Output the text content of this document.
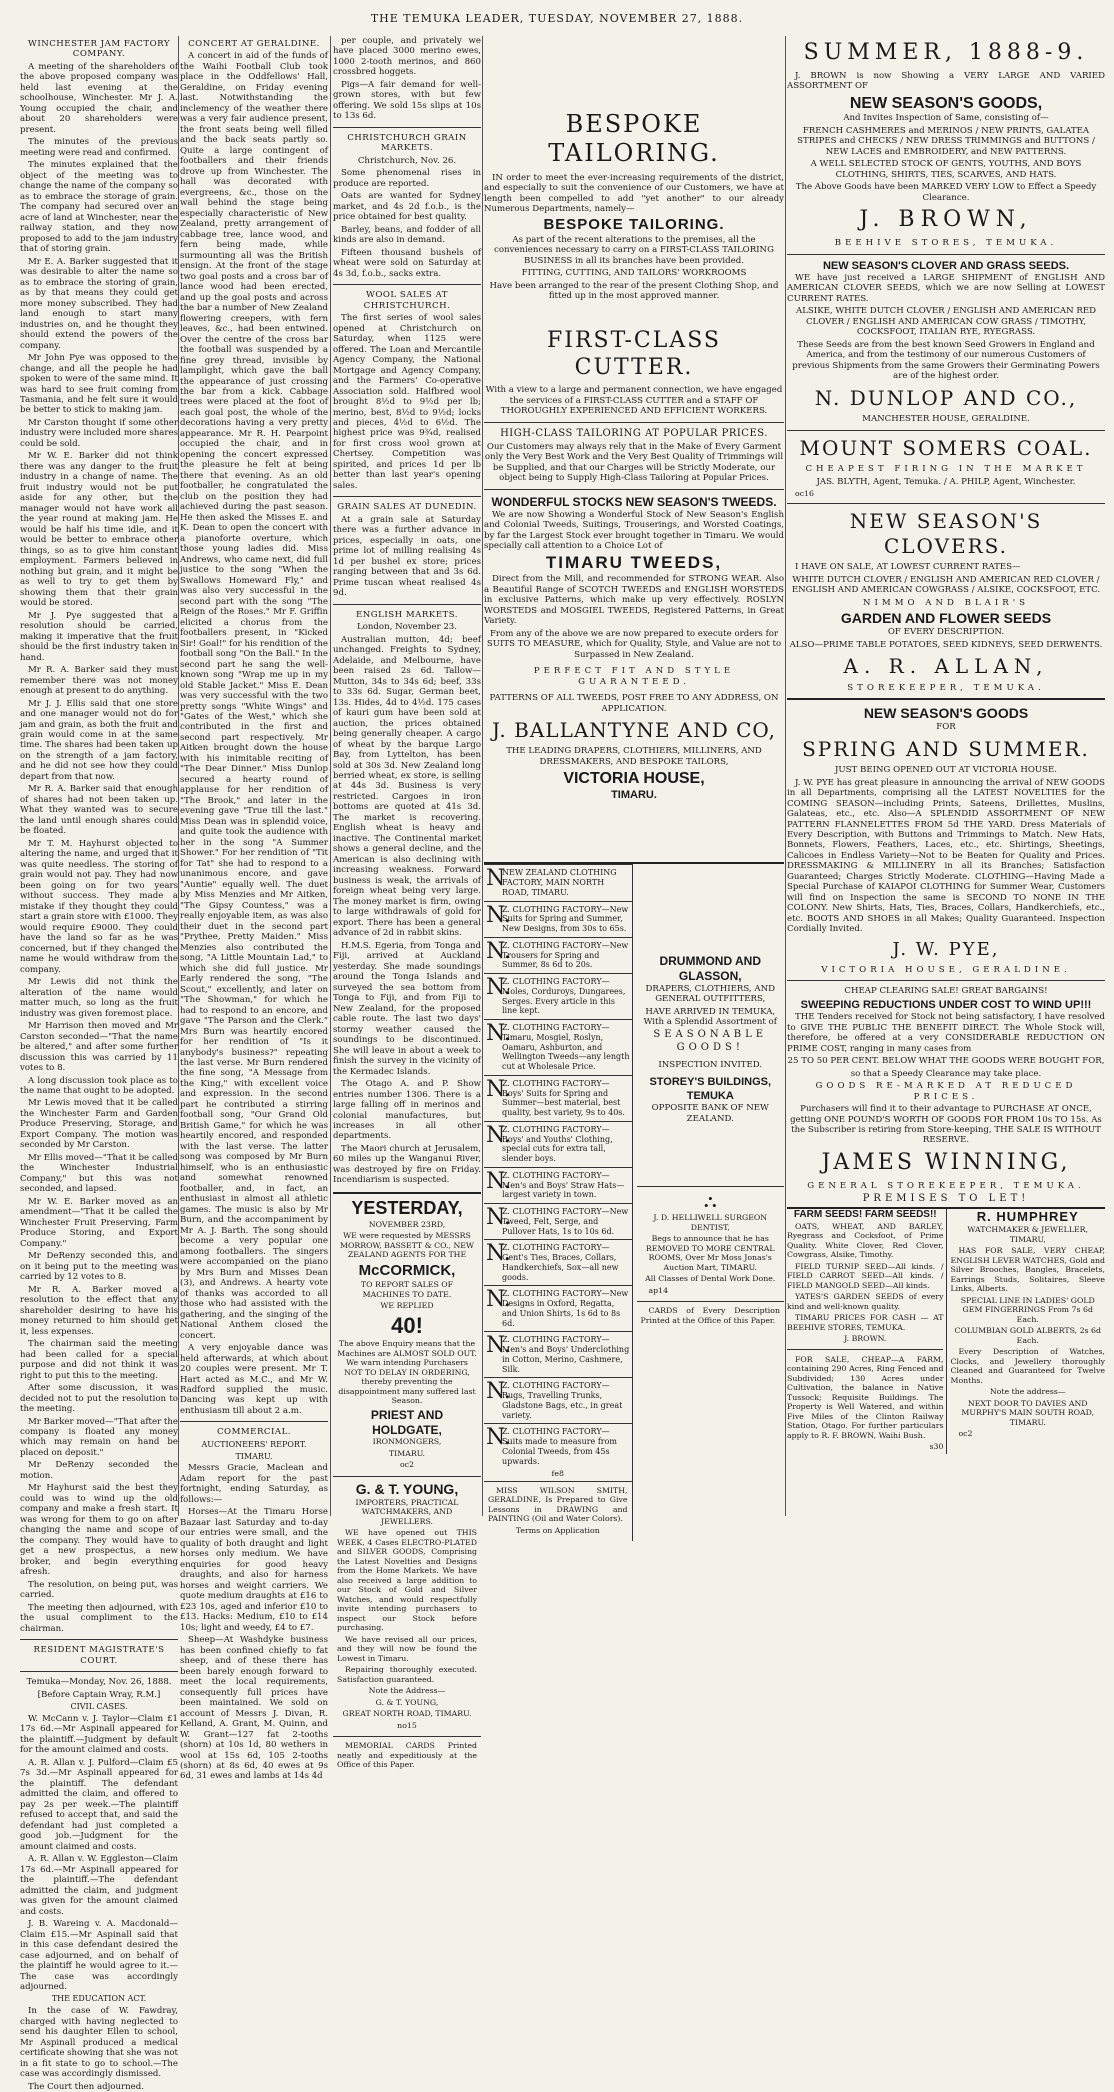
THE TEMUKA LEADER, TUESDAY, NOVEMBER 27, 1888.
WINCHESTER JAM FACTORY COMPANY.

A meeting of the shareholders of the above proposed company was held last evening at the schoolhouse, Winchester. Mr J. A. Young occupied the chair, and about 20 shareholders were present.

The minutes of the previous meeting were read and confirmed.

The minutes explained that the object of the meeting was to change the name of the company so as to embrace the storage of grain. The company had secured over an acre of land at Winchester, near the railway station, and they now proposed to add to the jam industry that of storing grain.

Mr E. A. Barker suggested that it was desirable to alter the name so as to embrace the storing of grain, as by that means they could get more money subscribed. They had land enough to start many industries on, and he thought they should extend the powers of the company.

Mr John Pye was opposed to the change, and all the people he had spoken to were of the same mind. It was hard to see fruit coming from Tasmania, and he felt sure it would be better to stick to making jam.

Mr Carston thought if some other industry were included more shares could be sold.

Mr W. E. Barker did not think there was any danger to the fruit industry in a change of name. The fruit industry would not be put aside for any other, but the manager would not have work all the year round at making jam. He would be half his time idle, and it would be better to embrace other things, so as to give him constant employment. Farmers believed in nothing but grain, and it might be as well to try to get them by showing them that their grain would be stored.

Mr J. Pye suggested that a resolution should be carried, making it imperative that the fruit should be the first industry taken in hand.

Mr R. A. Barker said they must remember there was not money enough at present to do anything.

Mr J. J. Ellis said that one store and one manager would not do for jam and grain, as both the fruit and grain would come in at the same time. The shares had been taken up on the strength of a jam factory, and he did not see how they could depart from that now.

Mr R. A. Barker said that enough of shares had not been taken up. What they wanted was to secure the land until enough shares could be floated.

Mr T. M. Hayhurst objected to altering the name, and urged that it was quite needless. The storing of grain would not pay. They had now been going on for two years without success. They made a mistake if they thought they could start a grain store with £1000. They would require £9000. They could have the land so far as he was concerned, but if they changed the name he would withdraw from the company.

Mr Lewis did not think the alteration of the name would matter much, so long as the fruit industry was given foremost place.

Mr Harrison then moved and Mr Carston seconded—"That the name be altered," and after some further discussion this was carried by 11 votes to 8.

A long discussion took place as to the name that ought to be adopted.

Mr Lewis moved that it be called the Winchester Farm and Garden Produce Preserving, Storage, and Export Company. The motion was seconded by Mr Carston.

Mr Ellis moved—"That it be called the Winchester Industrial Company," but this was not seconded, and lapsed.

Mr W. E. Barker moved as an amendment—"That it be called the Winchester Fruit Preserving, Farm Produce Storing, and Export Company."

Mr DeRenzy seconded this, and on it being put to the meeting was carried by 12 votes to 8.

Mr R. A. Barker moved a resolution to the effect that any shareholder desiring to have his money returned to him should get it, less expenses.

The chairman said the meeting had been called for a special purpose and did not think it was right to put this to the meeting.

After some discussion, it was decided not to put the resolution to the meeting.

Mr Barker moved—"That after the company is floated any money which may remain on hand be placed on deposit."

Mr DeRenzy seconded the motion.

Mr Hayhurst said the best they could was to wind up the old company and make a fresh start. It was wrong for them to go on after changing the name and scope of the company. They would have to get a new prospectus, a new broker, and begin everything afresh.

The resolution, on being put, was carried.

The meeting then adjourned, with the usual compliment to the chairman.

RESIDENT MAGISTRATE'S COURT.

Temuka—Monday, Nov. 26, 1888.

[Before Captain Wray, R.M.]

CIVIL CASES.

W. McCann v. J. Taylor—Claim £1 17s 6d.—Mr Aspinall appeared for the plaintiff.—Judgment by default for the amount claimed and costs.

A. R. Allan v. J. Pulford—Claim £5 7s 3d.—Mr Aspinall appeared for the plaintiff. The defendant admitted the claim, and offered to pay 2s per week.—The plaintiff refused to accept that, and said the defendant had just completed a good job.—Judgment for the amount claimed and costs.

A. R. Allan v. W. Eggleston—Claim 17s 6d.—Mr Aspinall appeared for the plaintiff.—The defendant admitted the claim, and judgment was given for the amount claimed and costs.

J. B. Wareing v. A. Macdonald—Claim £15.—Mr Aspinall said that in this case defendant desired the case adjourned, and on behalf of the plaintiff he would agree to it.—The case was accordingly adjourned.

THE EDUCATION ACT.

In the case of W. Fawdray, charged with having neglected to send his daughter Ellen to school, Mr Aspinall produced a medical certificate showing that she was not in a fit state to go to school.—The case was accordingly dismissed.

The Court then adjourned.

CONCERT AT GERALDINE.

A concert in aid of the funds of the Waihi Football Club took place in the Oddfellows' Hall, Geraldine, on Friday evening last. Notwithstanding the inclemency of the weather there was a very fair audience present, the front seats being well filled and the back seats partly so. Quite a large contingent of footballers and their friends drove up from Winchester. The hall was decorated with evergreens, &c., those on the wall behind the stage being especially characteristic of New Zealand, pretty arrangement of cabbage tree, lance wood, and fern being made, while surmounting all was the British ensign. At the front of the stage two goal posts and a cross bar of lance wood had been erected, and up the goal posts and across the bar a number of New Zealand flowering creepers, with fern leaves, &c., had been entwined. Over the centre of the cross bar the football was suspended by a fine grey thread, invisible by lamplight, which gave the ball the appearance of just crossing the bar from a kick. Cabbage trees were placed at the foot of each goal post, the whole of the decorations having a very pretty appearance. Mr R. H. Pearpoint occupied the chair, and in opening the concert expressed the pleasure he felt at being there that evening. As an old footballer, he congratulated the club on the position they had achieved during the past season. He then asked the Misses E. and K. Dean to open the concert with a pianoforte overture, which those young ladies did. Miss Andrews, who came next, did full justice to the song "When the Swallows Homeward Fly," and was also very successful in the second part with the song "The Reign of the Roses." Mr F. Griffin elicited a chorus from the footballers present, in "Kicked Sir! Goal!" for his rendition of the football song "On the Ball." In the second part he sang the well-known song "Wrap me up in my old Stable Jacket." Miss E. Dean was very successful with the two pretty songs "White Wings" and "Gates of the West," which she contributed in the first and second part respectively. Mr Aitken brought down the house with his inimitable reciting of "The Dear Dinner." Miss Dunlop secured a hearty round of applause for her rendition of "The Brook," and later in the evening gave "True till the last." Miss Dean was in splendid voice, and quite took the audience with her in the song "A Summer Shower." For her rendition of "Tit for Tat" she had to respond to a unanimous encore, and gave "Auntie" equally well. The duet by Miss Menzies and Mr Aitken, "The Gipsy Countess," was a really enjoyable item, as was also their duet in the second part "Prythee, Pretty Maiden." Miss Menzies also contributed the song, "A Little Mountain Lad," to which she did full justice. Mr Early rendered the song, "The Scout," excellently, and later on "The Showman," for which he had to respond to an encore, and gave "The Parson and the Clerk." Mrs Burn was heartily encored for her rendition of "Is it anybody's business?" repeating the last verse. Mr Burn rendered the fine song, "A Message from the King," with excellent voice and expression. In the second part he contributed a stirring football song, "Our Grand Old British Game," for which he was heartily encored, and responded with the last verse. The latter song was composed by Mr Burn himself, who is an enthusiastic and somewhat renowned footballer, and, in fact, an enthusiast in almost all athletic games. The music is also by Mr Burn, and the accompaniment by Mr A. J. Barth. The song should become a very popular one among footballers. The singers were accompanied on the piano by Mrs Burn and Misses Dean (3), and Andrews. A hearty vote of thanks was accorded to all those who had assisted with the gathering, and the singing of the National Anthem closed the concert.

A very enjoyable dance was held afterwards, at which about 20 couples were present. Mr T. Hart acted as M.C., and Mr W. Radford supplied the music. Dancing was kept up with enthusiasm till about 2 a.m.

COMMERCIAL.
AUCTIONEERS' REPORT.
TIMARU.

Messrs Gracie, Maclean and Adam report for the past fortnight, ending Saturday, as follows:—

Horses—At the Timaru Horse Bazaar last Saturday and to-day our entries were small, and the quality of both draught and light horses only medium. We have enquiries for good heavy draughts, and also for harness horses and weight carriers. We quote medium draughts at £16 to £23 10s, aged and inferior £10 to £13. Hacks: Medium, £10 to £14 10s; light and weedy, £4 to £7.

Sheep—At Washdyke business has been confined chiefly to fat sheep, and of these there has been barely enough forward to meet the local requirements, consequently full prices have been maintained. We sold on account of Messrs J. Divan, R. Kelland, A. Grant, M. Quinn, and W. Grant—127 fat 2-tooths (shorn) at 10s 1d, 80 wethers in wool at 15s 6d, 105 2-tooths (shorn) at 8s 6d, 40 ewes at 9s 6d, 31 ewes and lambs at 14s 4d

per couple, and privately we have placed 3000 merino ewes, 1000 2-tooth merinos, and 860 crossbred hoggets.

Pigs—A fair demand for well-grown stores, with but few offering. We sold 15s slips at 10s to 13s 6d.

CHRISTCHURCH GRAIN MARKETS.

Christchurch, Nov. 26.

Some phenomenal rises in produce are reported.

Oats are wanted for Sydney market, and 4s 2d f.o.b., is the price obtained for best quality.

Barley, beans, and fodder of all kinds are also in demand.

Fifteen thousand bushels of wheat were sold on Saturday at 4s 3d, f.o.b., sacks extra.

WOOL SALES AT CHRISTCHURCH.

The first series of wool sales opened at Christchurch on Saturday, when 1125 were offered. The Loan and Mercantile Agency Company, the National Mortgage and Agency Company, and the Farmers' Co-operative Association sold. Halfbred wool brought 8½d to 9½d per lb; merino, best, 8½d to 9½d; locks and pieces, 4½d to 6½d. The highest price was 9¾d, realised for first cross wool grown at Chertsey. Competition was spirited, and prices 1d per lb better than last year's opening sales.

GRAIN SALES AT DUNEDIN.

At a grain sale at Saturday there was a further advance in prices, especially in oats, one prime lot of milling realising 4s 1d per bushel ex store; prices ranging between that and 3s 6d. Prime tuscan wheat realised 4s 9d.

ENGLISH MARKETS.

London, November 23.

Australian mutton, 4d; beef unchanged. Freights to Sydney, Adelaide, and Melbourne, have been raised 2s 6d. Tallow—Mutton, 34s to 34s 6d; beef, 33s to 33s 6d. Sugar, German beet, 13s. Hides, 4d to 4½d. 175 cases of kauri gum have been sold at auction, the prices obtained being generally cheaper. A cargo of wheat by the barque Largo Bay, from Lyttelton, has been sold at 30s 3d. New Zealand long berried wheat, ex store, is selling at 44s 3d. Business is very restricted. Cargoes in iron bottoms are quoted at 41s 3d. The market is recovering. English wheat is heavy and inactive. The Continental market shows a general decline, and the American is also declining with increasing weakness. Forward business is weak, the arrivals of foreign wheat being very large. The money market is firm, owing to large withdrawals of gold for export. There has been a general advance of 2d in rabbit skins.

H.M.S. Egeria, from Tonga and Fiji, arrived at Auckland yesterday. She made soundings around the Tonga Islands and surveyed the sea bottom from Tonga to Fiji, and from Fiji to New Zealand, for the proposed cable route. The last two days' stormy weather caused the soundings to be discontinued. She will leave in about a week to finish the survey in the vicinity of the Kermadec Islands.

The Otago A. and P. Show entries number 1306. There is a large falling off in merinos and colonial manufactures, but increases in all other departments.

The Maori church at Jerusalem, 60 miles up the Wanganui River, was destroyed by fire on Friday. Incendiarism is suspected.

YESTERDAY,

NOVEMBER 23RD,

WE were requested by MESSRS MORROW, BASSETT & CO., NEW ZEALAND AGENTS FOR THE

McCORMICK,

TO REPORT SALES OF MACHINES TO DATE.

WE REPLIED

40!

The above Enquiry means that the Machines are ALMOST SOLD OUT. We warn intending Purchasers NOT TO DELAY IN ORDERING, thereby preventing the disappointment many suffered last Season.

PRIEST AND HOLDGATE,

IRONMONGERS,

TIMARU.

oc2

G. & T. YOUNG,

IMPORTERS, PRACTICAL WATCHMAKERS, AND JEWELLERS.

WE have opened out THIS WEEK, 4 Cases ELECTRO-PLATED and SILVER GOODS, Comprising the Latest Novelties and Designs from the Home Markets. We have also received a large addition to our Stock of Gold and Silver Watches, and would respectfully invite intending purchasers to inspect our Stock before purchasing.

We have revised all our prices, and they will now be found the Lowest in Timaru.

Repairing thoroughly executed. Satisfaction guaranteed.

Note the Address—

G. & T. YOUNG,

GREAT NORTH ROAD, TIMARU.

no15

MEMORIAL CARDS Printed neatly and expeditiously at the Office of this Paper.

BESPOKE TAILORING.

IN order to meet the ever-increasing requirements of the district, and especially to suit the convenience of our Customers, we have at length been compelled to add "yet another" to our already Numerous Departments, namely—

BESPOKE TAILORING.

As part of the recent alterations to the premises, all the conveniences necessary to carry on a FIRST-CLASS TAILORING BUSINESS in all its branches have been provided.

FITTING, CUTTING, AND TAILORS' WORKROOMS

Have been arranged to the rear of the present Clothing Shop, and fitted up in the most approved manner.

FIRST-CLASS CUTTER.

With a view to a large and permanent connection, we have engaged the services of a FIRST-CLASS CUTTER and a STAFF OF THOROUGHLY EXPERIENCED AND EFFICIENT WORKERS.

HIGH-CLASS TAILORING AT POPULAR PRICES.

Our Customers may always rely that in the Make of Every Garment only the Very Best Work and the Very Best Quality of Trimmings will be Supplied, and that our Charges will be Strictly Moderate, our object being to Supply High-Class Tailoring at Popular Prices.

WONDERFUL STOCKS NEW SEASON'S TWEEDS.

We are now Showing a Wonderful Stock of New Season's English and Colonial Tweeds, Suitings, Trouserings, and Worsted Coatings, by far the Largest Stock ever brought together in Timaru. We would specially call attention to a Choice Lot of

TIMARU TWEEDS,

Direct from the Mill, and recommended for STRONG WEAR. Also a Beautiful Range of SCOTCH TWEEDS and ENGLISH WORSTEDS in exclusive Patterns, which make up very effectively. ROSLYN WORSTEDS and MOSGIEL TWEEDS, Registered Patterns, in Great Variety.

From any of the above we are now prepared to execute orders for SUITS TO MEASURE, which for Quality, Style, and Value are not to Surpassed in New Zealand.

PERFECT FIT AND STYLE GUARANTEED.

PATTERNS OF ALL TWEEDS, POST FREE TO ANY ADDRESS, ON APPLICATION.

J. BALLANTYNE AND CO,

THE LEADING DRAPERS, CLOTHIERS, MILLINERS, AND DRESSMAKERS, AND BESPOKE TAILORS,

VICTORIA HOUSE,
TIMARU.
N
NEW ZEALAND CLOTHING FACTORY, MAIN NORTH ROAD, TIMARU.
N.
Z. CLOTHING FACTORY—New Suits for Spring and Summer, New Designs, from 30s to 65s.
N.
Z. CLOTHING FACTORY—New Trousers for Spring and Summer, 8s 6d to 20s.
N.
Z. CLOTHING FACTORY—Moles, Corduroys, Dungarees, Serges. Every article in this line kept.
N.
Z. CLOTHING FACTORY—Timaru, Mosgiel, Roslyn, Oamaru, Ashburton, and Wellington Tweeds—any length cut at Wholesale Price.
N.
Z. CLOTHING FACTORY—Boys' Suits for Spring and Summer—best material, best quality, best variety, 9s to 40s.
N.
Z. CLOTHING FACTORY—Boys' and Youths' Clothing, special cuts for extra tall, slender boys.
N.
Z. CLOTHING FACTORY—Men's and Boys' Straw Hats—largest variety in town.
N.
Z. CLOTHING FACTORY—New Tweed, Felt, Serge, and Pullover Hats, 1s to 10s 6d.
N.
Z. CLOTHING FACTORY—Gent's Ties, Braces, Collars, Handkerchiefs, Sox—all new goods.
N.
Z. CLOTHING FACTORY—New Designs in Oxford, Regatta, and Union Shirts, 1s 6d to 8s 6d.
N.
Z. CLOTHING FACTORY—Men's and Boys' Underclothing in Cotton, Merino, Cashmere, Silk.
N.
Z. CLOTHING FACTORY—Rugs, Travelling Trunks, Gladstone Bags, etc., in great variety.
N.
Z. CLOTHING FACTORY—Suits made to measure from Colonial Tweeds, from 45s upwards.

fe8

MISS WILSON SMITH, GERALDINE, Is Prepared to Give Lessons in DRAWING and PAINTING (Oil and Water Colors).

Terms on Application

DRUMMOND AND GLASSON,

DRAPERS, CLOTHIERS, AND GENERAL OUTFITTERS,

HAVE ARRIVED IN TEMUKA, With a Splendid Assortment of

SEASONABLE GOODS!

INSPECTION INVITED.

STOREY'S BUILDINGS, TEMUKA

OPPOSITE BANK OF NEW ZEALAND.

⛬

J. D. HELLIWELL SURGEON DENTIST,

Begs to announce that he has REMOVED TO MORE CENTRAL ROOMS, Over Mr Moss Jonas's Auction Mart, TIMARU.

All Classes of Dental Work Done.

ap14

CARDS of Every Description Printed at the Office of this Paper.

SUMMER, 1888-9.

J. BROWN is now Showing a VERY LARGE AND VARIED ASSORTMENT OF

NEW SEASON'S GOODS,

And Invites Inspection of Same, consisting of—

FRENCH CASHMERES and MERINOS / NEW PRINTS, GALATEA STRIPES and CHECKS / NEW DRESS TRIMMINGS and BUTTONS / NEW LACES and EMBROIDERY, and NEW PATTERNS.

A WELL SELECTED STOCK OF GENTS, YOUTHS, AND BOYS CLOTHING, SHIRTS, TIES, SCARVES, AND HATS.

The Above Goods have been MARKED VERY LOW to Effect a Speedy Clearance.

J. BROWN,

BEEHIVE STORES, TEMUKA.

NEW SEASON'S CLOVER AND GRASS SEEDS.

WE have just received a LARGE SHIPMENT of ENGLISH AND AMERICAN CLOVER SEEDS, which we are now Selling at LOWEST CURRENT RATES.

ALSIKE, WHITE DUTCH CLOVER / ENGLISH AND AMERICAN RED CLOVER / ENGLISH AND AMERICAN COW GRASS / TIMOTHY, COCKSFOOT, ITALIAN RYE, RYEGRASS.

These Seeds are from the best known Seed Growers in England and America, and from the testimony of our numerous Customers of previous Shipments from the same Growers their Germinating Powers are of the highest order.

N. DUNLOP AND CO.,

MANCHESTER HOUSE, GERALDINE.

MOUNT SOMERS COAL.

CHEAPEST FIRING IN THE MARKET

JAS. BLYTH, Agent, Temuka. / A. PHILP, Agent, Winchester.

oc16

NEW SEASON'S CLOVERS.

I HAVE ON SALE, AT LOWEST CURRENT RATES—

WHITE DUTCH CLOVER / ENGLISH AND AMERICAN RED CLOVER / ENGLISH AND AMERICAN COWGRASS / ALSIKE, COCKSFOOT, ETC.

NIMMO AND BLAIR'S

GARDEN AND FLOWER SEEDS

OF EVERY DESCRIPTION.

ALSO—PRIME TABLE POTATOES, SEED KIDNEYS, SEED DERWENTS.

A. R. ALLAN,

STOREKEEPER, TEMUKA.

NEW SEASON'S GOODS

FOR

SPRING AND SUMMER.

JUST BEING OPENED OUT AT VICTORIA HOUSE.

J. W. PYE has great pleasure in announcing the arrival of NEW GOODS in all Departments, comprising all the LATEST NOVELTIES for the COMING SEASON—including Prints, Sateens, Drillettes, Muslins, Galateas, etc., etc. Also—A SPLENDID ASSORTMENT OF NEW PATTERN FLANNELETTES FROM 5d THE YARD. Dress Materials of Every Description, with Buttons and Trimmings to Match. New Hats, Bonnets, Flowers, Feathers, Laces, etc., etc. Shirtings, Sheetings, Calicoes in Endless Variety—Not to be Beaten for Quality and Prices. DRESSMAKING & MILLINERY in all its Branches; Satisfaction Guaranteed; Charges Strictly Moderate. CLOTHING—Having Made a Special Purchase of KAIAPOI CLOTHING for Summer Wear, Customers will find on Inspection the same is SECOND TO NONE IN THE COLONY. New Shirts, Hats, Ties, Braces, Collars, Handkerchiefs, etc., etc. BOOTS AND SHOES in all Makes; Quality Guaranteed. Inspection Cordially Invited.

J. W. PYE,

VICTORIA HOUSE, GERALDINE.

CHEAP CLEARING SALE! GREAT BARGAINS!

SWEEPING REDUCTIONS UNDER COST TO WIND UP!!!

THE Tenders received for Stock not being satisfactory, I have resolved to GIVE THE PUBLIC THE BENEFIT DIRECT. The Whole Stock will, therefore, be offered at a very CONSIDERABLE REDUCTION ON PRIME COST, ranging in many cases from

25 TO 50 PER CENT. BELOW WHAT THE GOODS WERE BOUGHT FOR,

so that a Speedy Clearance may take place.

GOODS RE-MARKED AT REDUCED PRICES.

Purchasers will find it to their advantage to PURCHASE AT ONCE, getting ONE POUND'S WORTH OF GOODS FOR FROM 10s TO 15s. As the Subscriber is retiring from Store-keeping, THE SALE IS WITHOUT RESERVE.

JAMES WINNING,

GENERAL STOREKEEPER, TEMUKA.

PREMISES TO LET!

FARM SEEDS! FARM SEEDS!!

OATS, WHEAT, AND BARLEY, Ryegrass and Cocksfoot, of Prime Quality. White Clover, Red Clover, Cowgrass, Alsike, Timothy.

FIELD TURNIP SEED—All kinds. / FIELD CARROT SEED—All kinds. / FIELD MANGOLD SEED—All kinds.

YATES'S GARDEN SEEDS of every kind and well-known quality.

TIMARU PRICES FOR CASH — AT BEEHIVE STORES, TEMUKA.

J. BROWN.

FOR SALE, CHEAP—A FARM, containing 290 Acres, Ring Fenced and Subdivided; 130 Acres under Cultivation, the balance in Native Tussock; Requisite Buildings. The Property is Well Watered, and within Five Miles of the Clinton Railway Station, Otago. For further particulars apply to R. F. BROWN, Waihi Bush.

s30

R. HUMPHREY

WATCHMAKER & JEWELLER, TIMARU,

HAS FOR SALE, VERY CHEAP, ENGLISH LEVER WATCHES, Gold and Silver Brooches, Bangles, Bracelets, Earrings Studs, Solitaires, Sleeve Links, Alberts.

SPECIAL LINE IN LADIES' GOLD GEM FINGERRINGS From 7s 6d Each.

COLUMBIAN GOLD ALBERTS, 2s 6d Each.

Every Description of Watches, Clocks, and Jewellery thoroughly Cleaned and Guaranteed for Twelve Months.

Note the address—

NEXT DOOR TO DAVIES AND MURPHY'S MAIN SOUTH ROAD, TIMARU.

oc2
